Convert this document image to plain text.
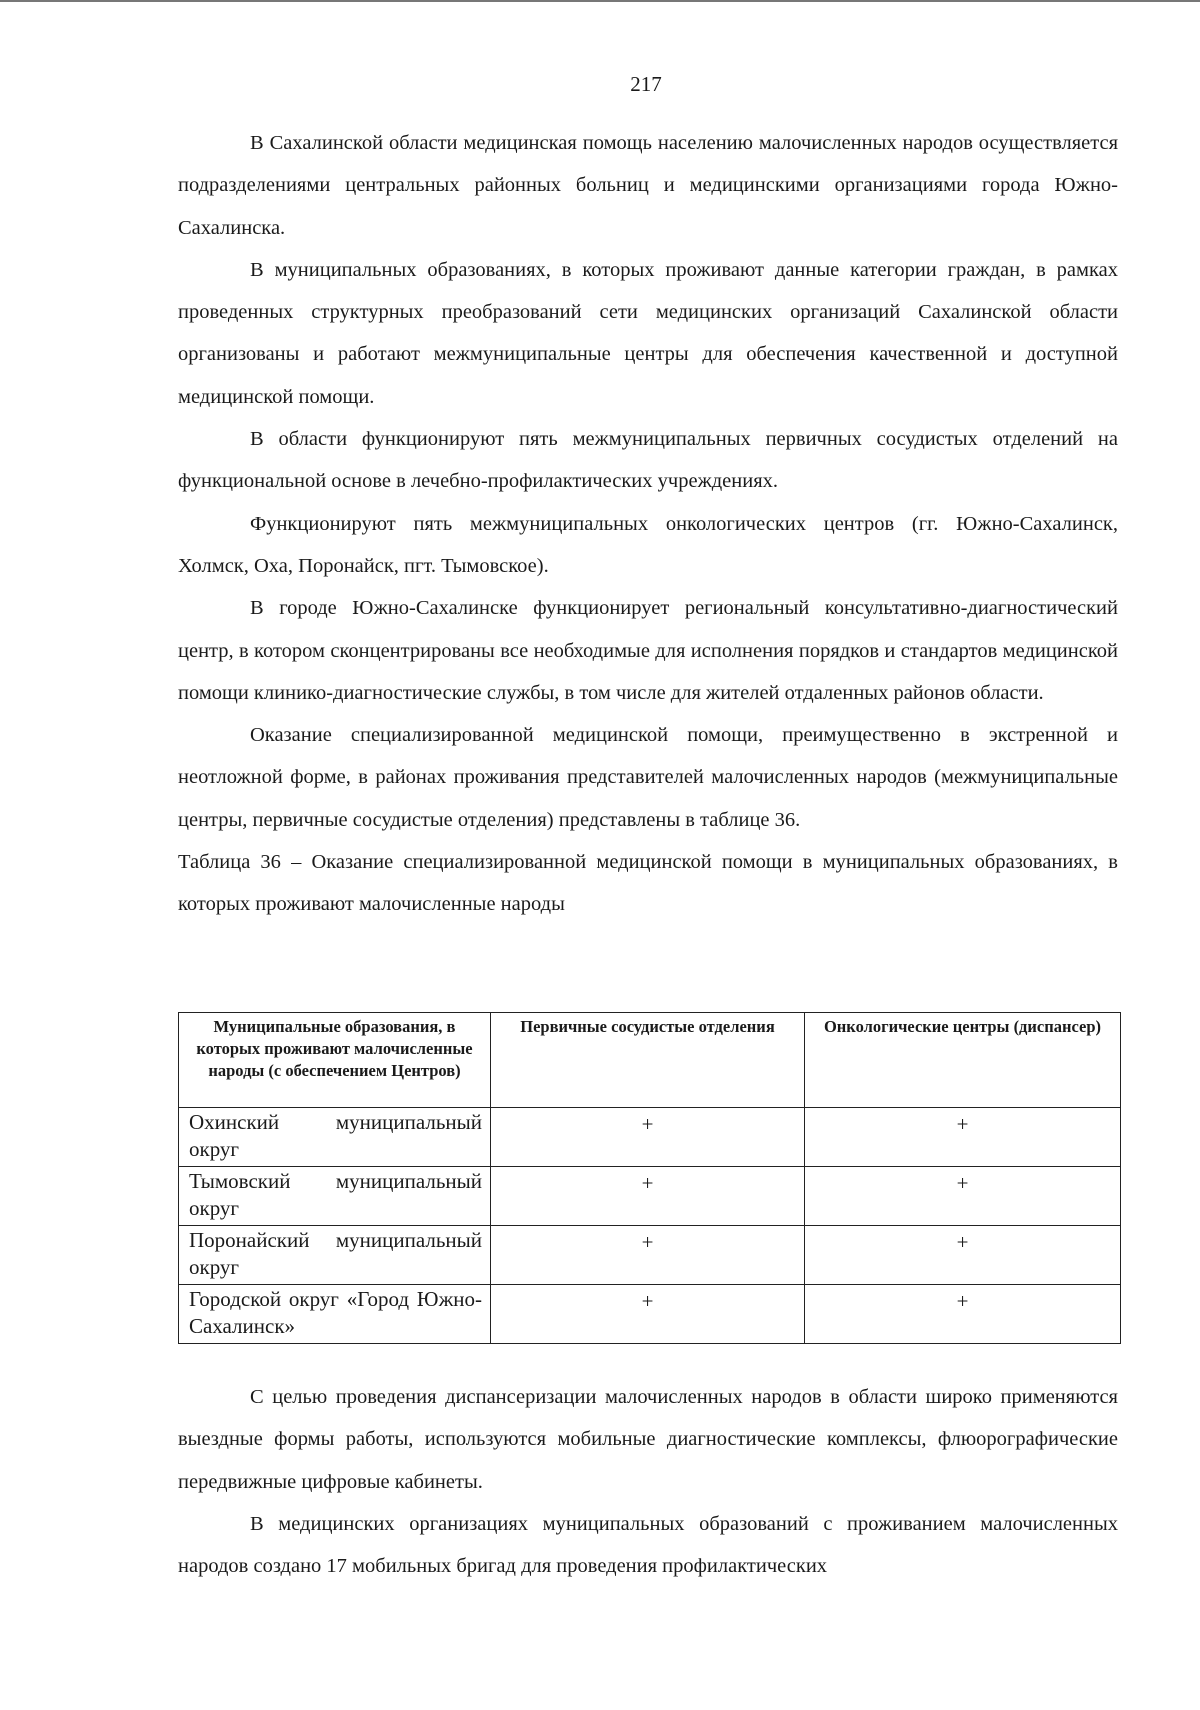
217

В Сахалинской области медицинская помощь населению малочисленных народов осуществляется подразделениями центральных районных больниц и медицинскими организациями города Южно-Сахалинска.

В муниципальных образованиях, в которых проживают данные категории граждан, в рамках проведенных структурных преобразований сети медицинских организаций Сахалинской области организованы и работают межмуниципальные центры для обеспечения качественной и доступной медицинской помощи.

В области функционируют пять межмуниципальных первичных сосудистых отделений на функциональной основе в лечебно-профилактических учреждениях.

Функционируют пять межмуниципальных онкологических центров (гг. Южно-Сахалинск, Холмск, Оха, Поронайск, пгт. Тымовское).

В городе Южно-Сахалинске функционирует региональный консультативно-диагностический центр, в котором сконцентрированы все необходимые для исполнения порядков и стандартов медицинской помощи клинико-диагностические службы, в том числе для жителей отдаленных районов области.

Оказание специализированной медицинской помощи, преимущественно в экстренной и неотложной форме, в районах проживания представителей малочисленных народов (межмуниципальные центры, первичные сосудистые отделения) представлены в таблице 36.

Таблица 36 – Оказание специализированной медицинской помощи в муниципальных образованиях, в которых проживают малочисленные народы

Муниципальные образования, в которых проживают малочисленные народы (с обеспечением Центров)	Первичные сосудистые отделения	Онкологические центры (диспансер)
Охинский муниципальный округ	+	+
Тымовский муниципальный округ	+	+
Поронайский муниципальный округ	+	+
Городской округ «Город Южно-Сахалинск»	+	+

С целью проведения диспансеризации малочисленных народов в области широко применяются выездные формы работы, используются мобильные диагностические комплексы, флюорографические передвижные цифровые кабинеты.

В медицинских организациях муниципальных образований с проживанием малочисленных народов создано 17 мобильных бригад для проведения профилактических
